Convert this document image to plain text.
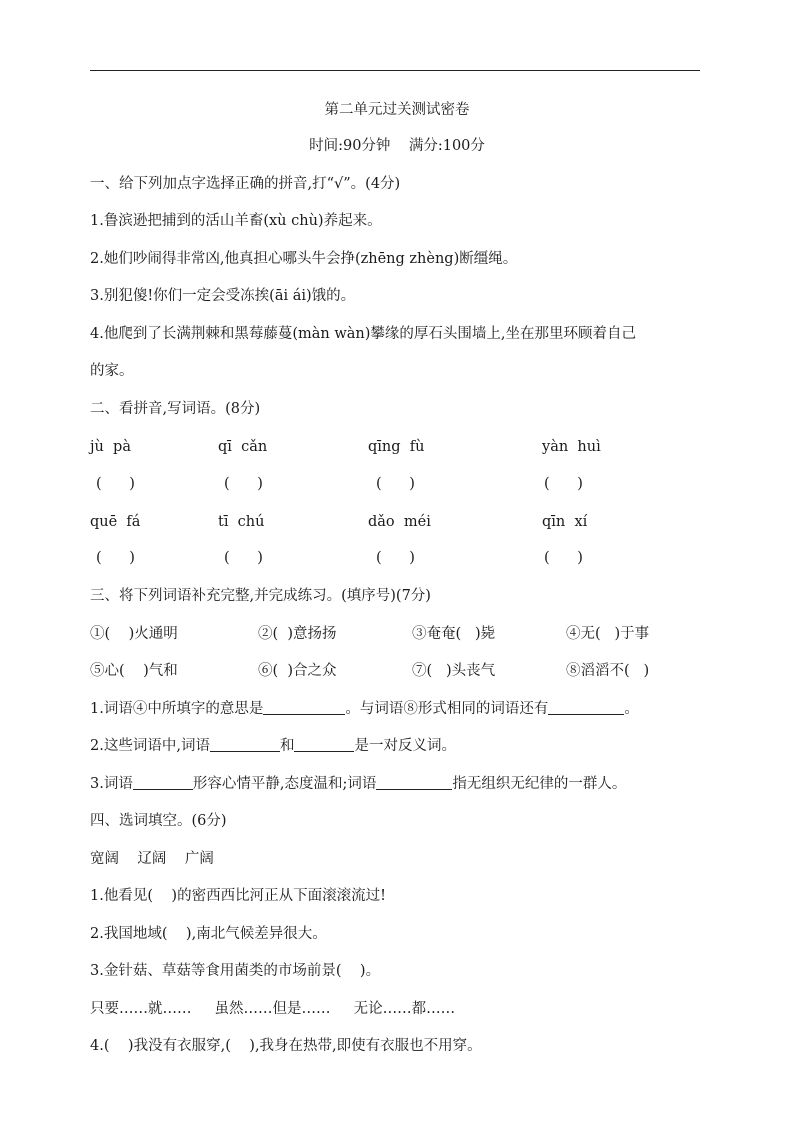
第二单元过关测试密卷
时间:90分钟    满分:100分
一、给下列加点字选择正确的拼音,打“√”。(4分)
1.鲁滨逊把捕到的活山羊畜(xù chù)养起来。
2.她们吵闹得非常凶,他真担心哪头牛会挣(zhēng zhèng)断缰绳。
3.别犯傻!你们一定会受冻挨(āi ái)饿的。
4.他爬到了长满荆棘和黑莓藤蔓(màn wàn)攀缘的厚石头围墙上,坐在那里环顾着自己
的家。
二、看拼音,写词语。(8分)
jù  pà	qī  cǎn	qīng  fù	yàn  huì
(      )	(      )	(      )	(      )
quē  fá	tī  chú	dǎo  méi	qīn  xí
(      )	(      )	(      )	(      )
三、将下列词语补充完整,并完成练习。(填序号)(7分)
①(    )火通明	②(  )意扬扬	③奄奄(   )毙	④无(   )于事
⑤心(    )气和	⑥(  )合之众	⑦(   )头丧气	⑧滔滔不(   )
1.词语④中所填字的意思是	。与词语⑧形式相同的词语还有	。
2.这些词语中,词语	和	是一对反义词。
3.词语	形容心情平静,态度温和;词语	指无组织无纪律的一群人。
四、选词填空。(6分)
宽阔    辽阔    广阔
1.他看见(    )的密西西比河正从下面滚滚流过!
2.我国地域(    ),南北气候差异很大。
3.金针菇、草菇等食用菌类的市场前景(    )。
只要……就……     虽然……但是……     无论……都……
4.(    )我没有衣服穿,(    ),我身在热带,即使有衣服也不用穿。
